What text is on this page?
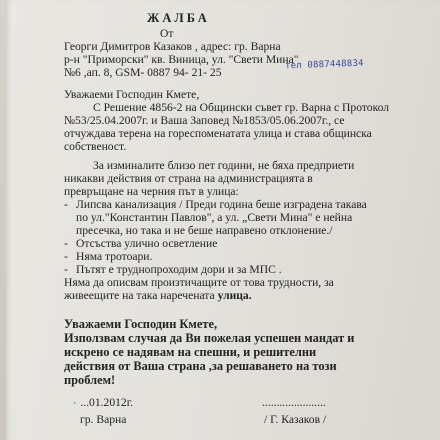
ЖАЛБА
От
Георги Димитров Казаков , адрес: гр. Варна
р-н "Приморски" кв. Виница, ул. "Свети Мина"
№6 ,ап. 8, GSM- 0887 94- 21- 25
тел 0887448834
Уважаеми Господин Кмете,
С Решение 4856-2 на Общински съвет гр. Варна с Протокол
№53/25.04.2007г. и Ваша Заповед №1853/05.06.2007г., се
отчуждава терена на гореспоменатата улица и става общинска
собственост.
За изминалите близо пет години, не бяха предприети
никакви действия от страна на администрацията в
превръщане на черния път в улица:
- Липсва канализация / Преди година беше изградена такава
по ул."Константин Павлов", а ул. „Свети Мина" е нейна
пресечка, но така и не беше направено отклонение./
- Отсъства улично осветление
- Няма тротоари.
- Пътят е труднопроходим дори и за МПС .
Няма да описвам произтичащите от това трудности, за
живеещите на така наречената улица.
Уважаеми Господин Кмете,
Използвам случая да Ви пожелая успешен мандат и
искрено се надявам на спешни, и решителни
действия от Ваша страна ,за решаването на този
проблем!
· ...01.2012г.	......................
гр. Варна	/ Г. Казаков /
